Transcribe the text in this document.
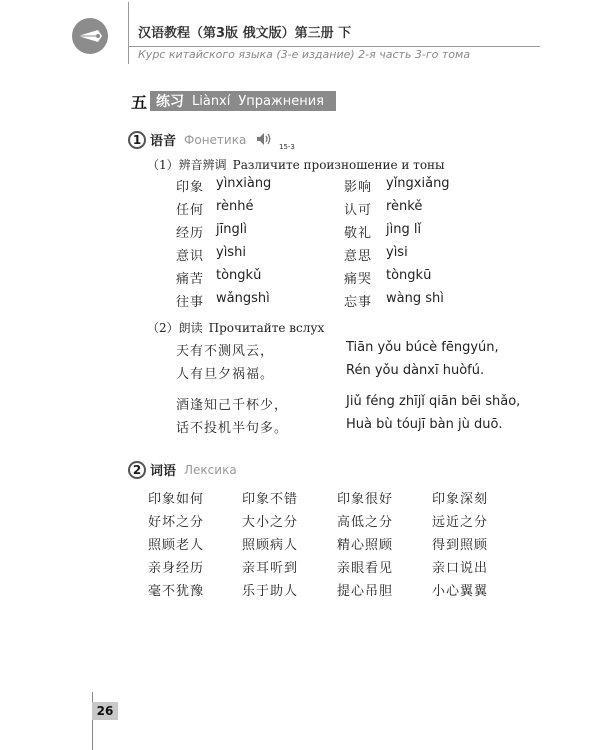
汉语教程（第3版 俄文版）第三册 下
Курс китайского языка (3-е издание) 2-я часть 3-го тома
五 练习 Liànxí Упражнения
1 语音 Фонетика
15-3
（1）辨音辨调 Различите произношение и тоны
印象 yìnxiàng	影响 yǐngxiǎng
任何 rènhé	认可 rènkě
经历 jīnglì	敬礼 jìng lǐ
意识 yìshi	意思 yìsi
痛苦 tòngkǔ	痛哭 tòngkū
往事 wǎngshì	忘事 wàng shì
（2）朗读 Прочитайте вслух
天有不测风云，	Tiān yǒu búcè fēngyún,
人有旦夕祸福。	Rén yǒu dànxī huòfú.
酒逢知己千杯少，	Jiǔ féng zhījǐ qiān bēi shǎo,
话不投机半句多。	Huà bù tóujī bàn jù duō.
2 词语 Лексика
印象如何	印象不错	印象很好	印象深刻
好坏之分	大小之分	高低之分	远近之分
照顾老人	照顾病人	精心照顾	得到照顾
亲身经历	亲耳听到	亲眼看见	亲口说出
毫不犹豫	乐于助人	提心吊胆	小心翼翼
26
